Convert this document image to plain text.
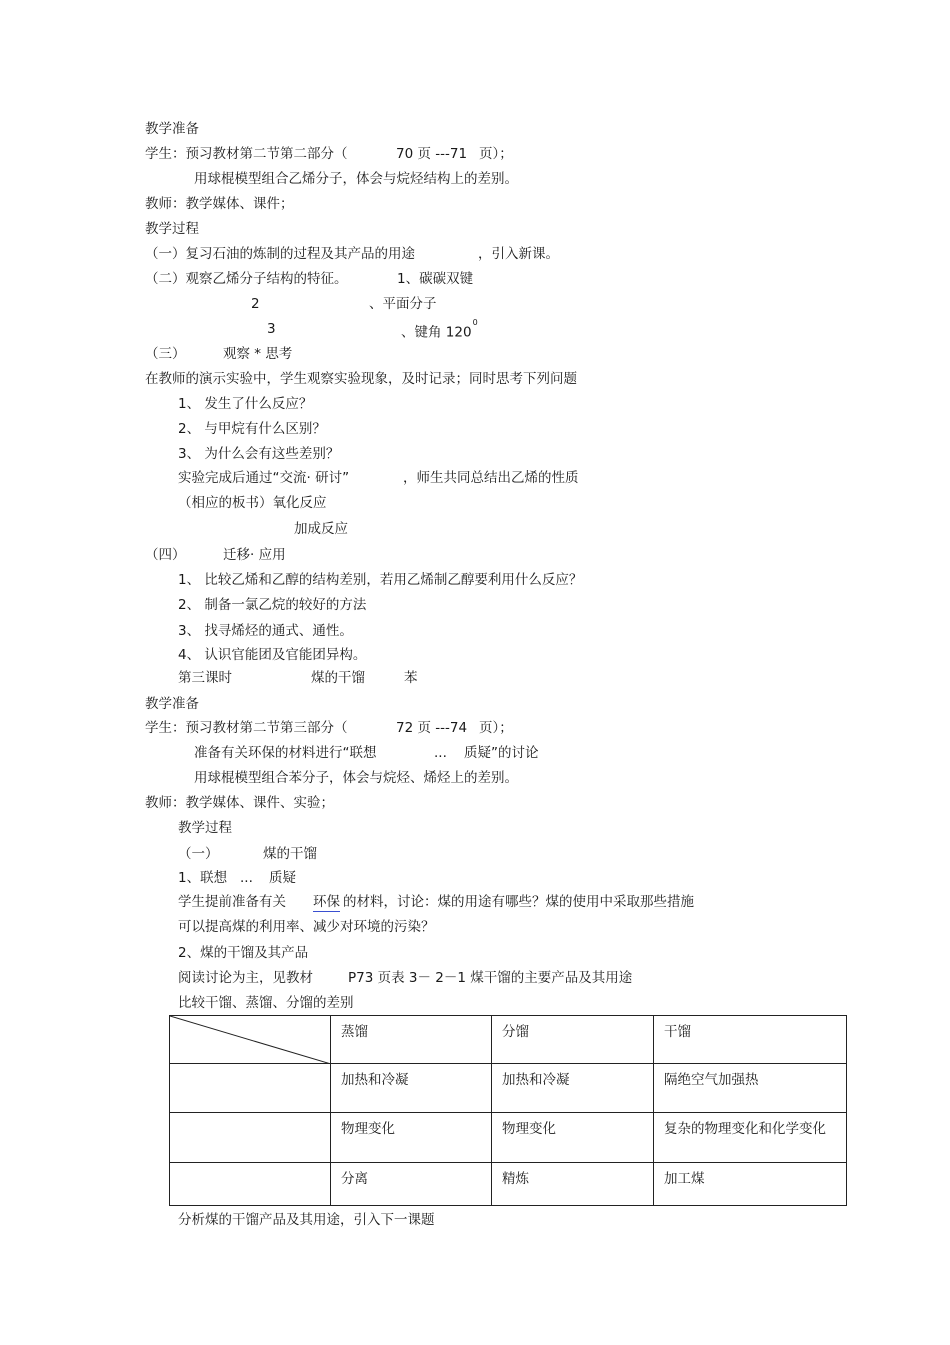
教学准备
学生：预习教材第二节第二部分（	70 页 ---71 页）；
用球棍模型组合乙烯分子，体会与烷烃结构上的差别。
教师：教学媒体、课件；
教学过程
（一）复习石油的炼制的过程及其产品的用途	，引入新课。
（二）观察乙烯分子结构的特征。	1、碳碳双键
2	、平面分子
3	、键角 $120^0$
（三）	观察 * 思考
在教师的演示实验中，学生观察实验现象，及时记录；同时思考下列问题
1、 发生了什么反应？
2、 与甲烷有什么区别？
3、 为什么会有这些差别？
实验完成后通过“交流· 研讨”	，师生共同总结出乙烯的性质
（相应的板书）氧化反应
加成反应
（四）	迁移· 应用
1、 比较乙烯和乙醇的结构差别，若用乙烯制乙醇要利用什么反应？
2、 制备一氯乙烷的较好的方法
3、 找寻烯烃的通式、通性。
4、 认识官能团及官能团异构。
第三课时	煤的干馏	苯
教学准备
学生：预习教材第二节第三部分（	72 页 ---74 页）；
准备有关环保的材料进行“联想	... 质疑”的讨论
用球棍模型组合苯分子，体会与烷烃、烯烃上的差别。
教师：教学媒体、课件、实验；
教学过程
（一）	煤的干馏
1、联想 ... 质疑
学生提前准备有关 环保 的材料，讨论：煤的用途有哪些？煤的使用中采取那些措施
可以提高煤的利用率、减少对环境的污染？
2、煤的干馏及其产品
阅读讨论为主，见教材	P73 页表 3－ 2－1 煤干馏的主要产品及其用途
比较干馏、蒸馏、分馏的差别
	蒸馏	分馏	干馏
	加热和冷凝	加热和冷凝	隔绝空气加强热
	物理变化	物理变化	复杂的物理变化和化学变化
	分离	精炼	加工煤
分析煤的干馏产品及其用途，引入下一课题
